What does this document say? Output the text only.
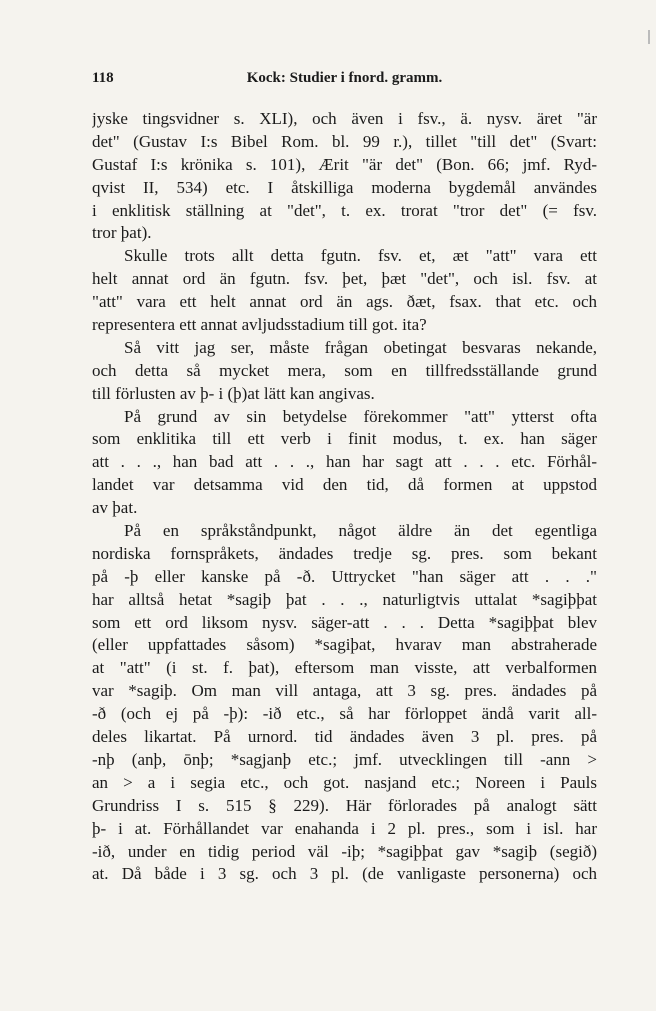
118	Kock: Studier i fnord. gramm.
jyske tingsvidner s. XLI), och även i fsv., ä. nysv. äret "är
det" (Gustav I:s Bibel Rom. bl. 99 r.), tillet "till det" (Svart:
Gustaf I:s krönika s. 101), Ærit "är det" (Bon. 66; jmf. Ryd-
qvist II, 534) etc. I åtskilliga moderna bygdemål användes
i enklitisk ställning at "det", t. ex. trorat "tror det" (= fsv.
tror þat).
Skulle trots allt detta fgutn. fsv. et, æt "att" vara ett
helt annat ord än fgutn. fsv. þet, þæt "det", och isl. fsv. at
"att" vara ett helt annat ord än ags. ðæt, fsax. that etc. och
representera ett annat avljudsstadium till got. ita?
Så vitt jag ser, måste frågan obetingat besvaras nekande,
och detta så mycket mera, som en tillfredsställande grund
till förlusten av þ- i (þ)at lätt kan angivas.
På grund av sin betydelse förekommer "att" ytterst ofta
som enklitika till ett verb i finit modus, t. ex. han säger
att . . ., han bad att . . ., han har sagt att . . . etc. Förhål-
landet var detsamma vid den tid, då formen at uppstod
av þat.
På en språkståndpunkt, något äldre än det egentliga
nordiska fornspråkets, ändades tredje sg. pres. som bekant
på -þ eller kanske på -ð. Uttrycket "han säger att . . ."
har alltså hetat *sagiþ þat . . ., naturligtvis uttalat *sagiþþat
som ett ord liksom nysv. säger-att . . . Detta *sagiþþat blev
(eller uppfattades såsom) *sagiþat, hvarav man abstraherade
at "att" (i st. f. þat), eftersom man visste, att verbalformen
var *sagiþ. Om man vill antaga, att 3 sg. pres. ändades på
-ð (och ej på -þ): -ið etc., så har förloppet ändå varit all-
deles likartat. På urnord. tid ändades även 3 pl. pres. på
-nþ (anþ, ōnþ; *sagjanþ etc.; jmf. utvecklingen till -ann >
an > a i segia etc., och got. nasjand etc.; Noreen i Pauls
Grundriss I s. 515 § 229). Här förlorades på analogt sätt
þ- i at. Förhållandet var enahanda i 2 pl. pres., som i isl. har
-ið, under en tidig period väl -iþ; *sagiþþat gav *sagiþ (segið)
at. Då både i 3 sg. och 3 pl. (de vanligaste personerna) och
